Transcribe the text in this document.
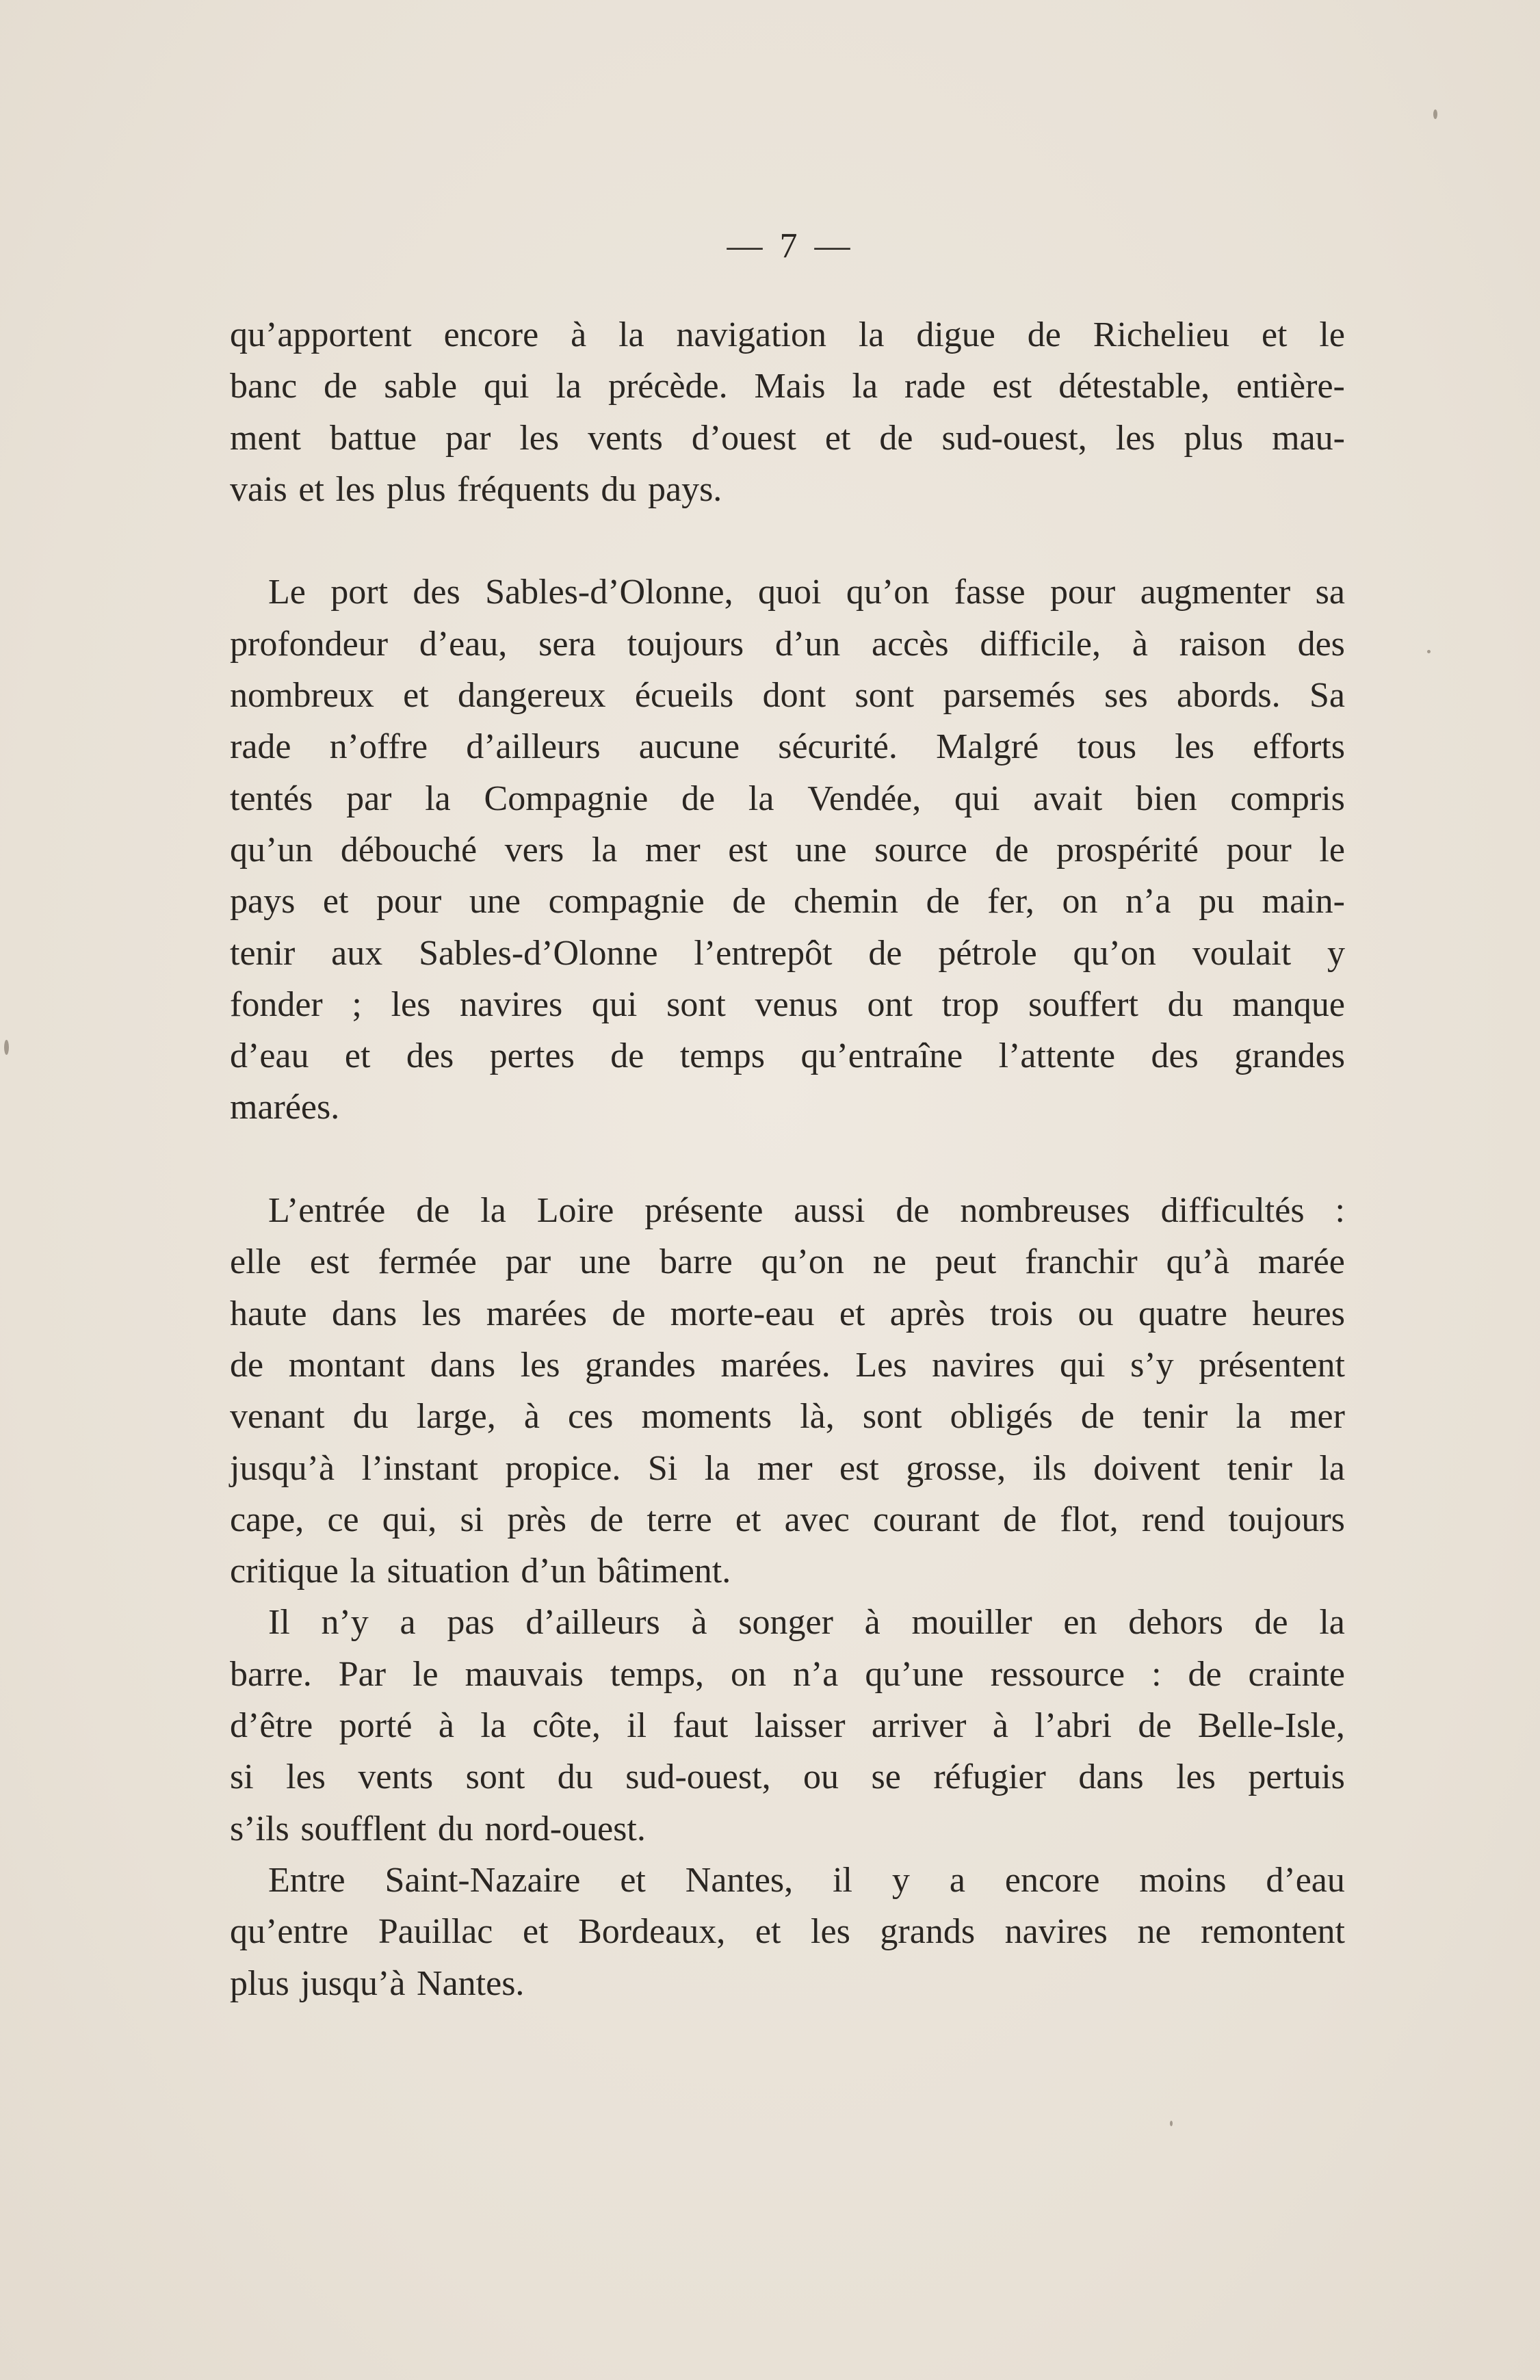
— 7 —
qu’apportent encore à la navigation la digue de Richelieu et le
banc de sable qui la précède. Mais la rade est détestable, entière-
ment battue par les vents d’ouest et de sud-ouest, les plus mau-
vais et les plus fréquents du pays.
Le port des Sables-d’Olonne, quoi qu’on fasse pour augmenter sa
profondeur d’eau, sera toujours d’un accès difficile, à raison des
nombreux et dangereux écueils dont sont parsemés ses abords. Sa
rade n’offre d’ailleurs aucune sécurité. Malgré tous les efforts
tentés par la Compagnie de la Vendée, qui avait bien compris
qu’un débouché vers la mer est une source de prospérité pour le
pays et pour une compagnie de chemin de fer, on n’a pu main-
tenir aux Sables-d’Olonne l’entrepôt de pétrole qu’on voulait y
fonder ; les navires qui sont venus ont trop souffert du manque
d’eau et des pertes de temps qu’entraîne l’attente des grandes
marées.
L’entrée de la Loire présente aussi de nombreuses difficultés :
elle est fermée par une barre qu’on ne peut franchir qu’à marée
haute dans les marées de morte-eau et après trois ou quatre heures
de montant dans les grandes marées. Les navires qui s’y présentent
venant du large, à ces moments là, sont obligés de tenir la mer
jusqu’à l’instant propice. Si la mer est grosse, ils doivent tenir la
cape, ce qui, si près de terre et avec courant de flot, rend toujours
critique la situation d’un bâtiment.
Il n’y a pas d’ailleurs à songer à mouiller en dehors de la
barre. Par le mauvais temps, on n’a qu’une ressource : de crainte
d’être porté à la côte, il faut laisser arriver à l’abri de Belle-Isle,
si les vents sont du sud-ouest, ou se réfugier dans les pertuis
s’ils soufflent du nord-ouest.
Entre Saint-Nazaire et Nantes, il y a encore moins d’eau
qu’entre Pauillac et Bordeaux, et les grands navires ne remontent
plus jusqu’à Nantes.
